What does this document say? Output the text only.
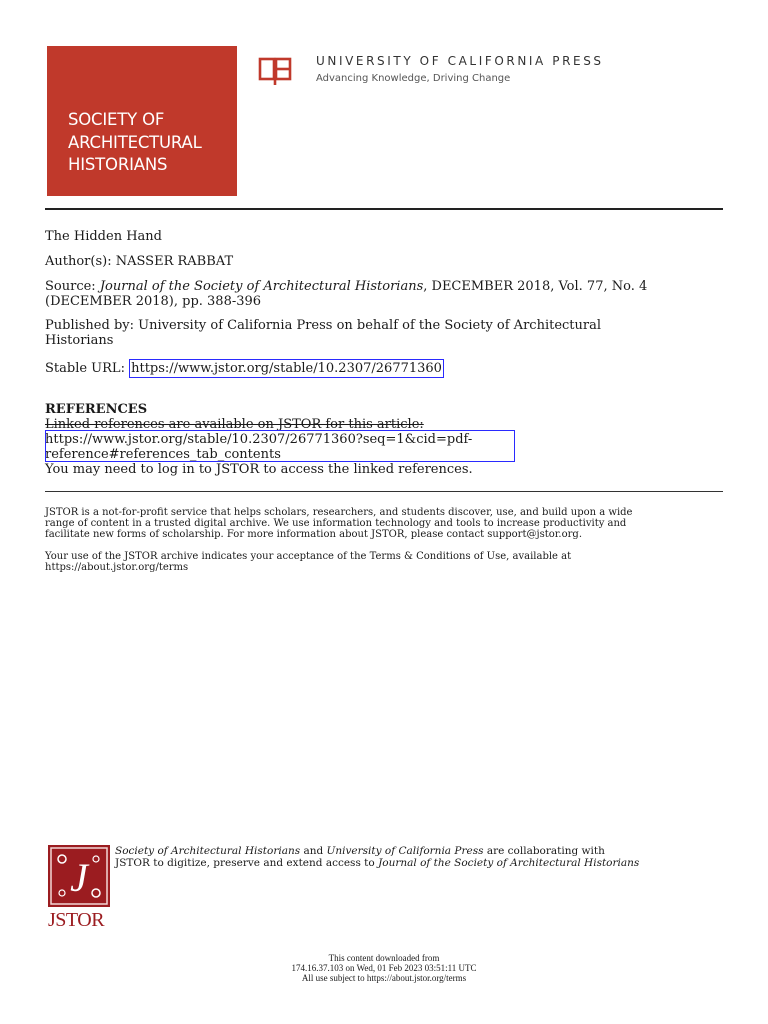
SOCIETY OF
ARCHITECTURAL
HISTORIANS
UNIVERSITY OF CALIFORNIA PRESS
Advancing Knowledge, Driving Change
The Hidden Hand
Author(s): NASSER RABBAT
Source: Journal of the Society of Architectural Historians, DECEMBER 2018, Vol. 77, No. 4
(DECEMBER 2018), pp. 388-396
Published by: University of California Press on behalf of the Society of Architectural
Historians
Stable URL: https://www.jstor.org/stable/10.2307/26771360
REFERENCES
Linked references are available on JSTOR for this article:
https://www.jstor.org/stable/10.2307/26771360?seq=1&cid=pdf-
reference#references_tab_contents
You may need to log in to JSTOR to access the linked references.
JSTOR is a not-for-profit service that helps scholars, researchers, and students discover, use, and build upon a wide
range of content in a trusted digital archive. We use information technology and tools to increase productivity and
facilitate new forms of scholarship. For more information about JSTOR, please contact support@jstor.org.
Your use of the JSTOR archive indicates your acceptance of the Terms & Conditions of Use, available at
https://about.jstor.org/terms
J
JSTOR
Society of Architectural Historians and University of California Press are collaborating with
JSTOR to digitize, preserve and extend access to Journal of the Society of Architectural Historians
This content downloaded from
174.16.37.103 on Wed, 01 Feb 2023 03:51:11 UTC
All use subject to https://about.jstor.org/terms
